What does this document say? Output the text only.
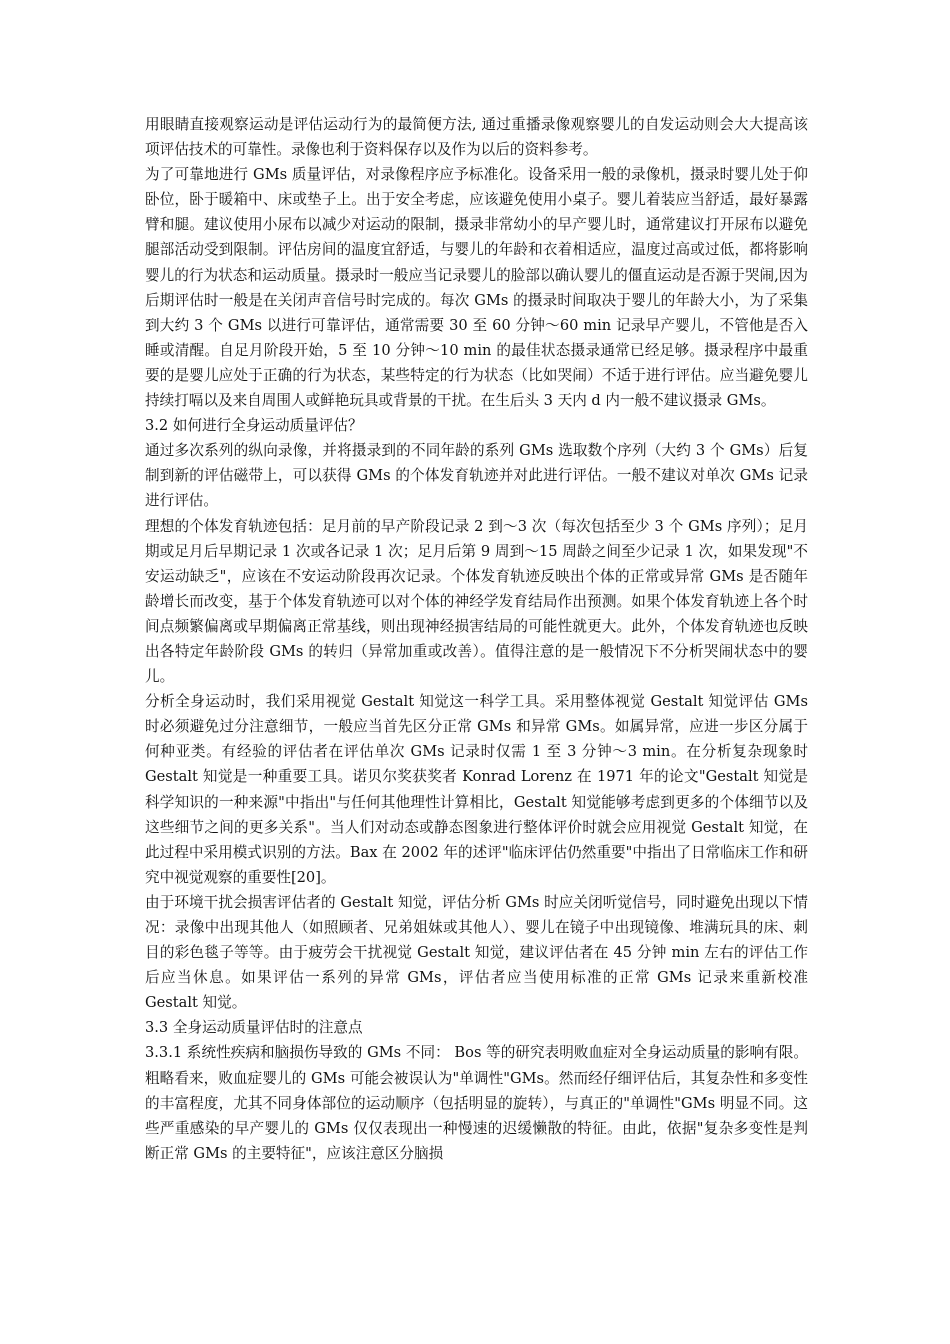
用眼睛直接观察运动是评估运动行为的最简便方法, 通过重播录像观察婴儿的自发运动则会大大提高该项评估技术的可靠性。录像也利于资料保存以及作为以后的资料参考。

为了可靠地进行 GMs 质量评估，对录像程序应予标准化。设备采用一般的录像机，摄录时婴儿处于仰卧位，卧于暖箱中、床或垫子上。出于安全考虑，应该避免使用小桌子。婴儿着装应当舒适，最好暴露臂和腿。建议使用小尿布以减少对运动的限制，摄录非常幼小的早产婴儿时，通常建议打开尿布以避免腿部活动受到限制。评估房间的温度宜舒适，与婴儿的年龄和衣着相适应，温度过高或过低，都将影响婴儿的行为状态和运动质量。摄录时一般应当记录婴儿的脸部以确认婴儿的僵直运动是否源于哭闹,因为后期评估时一般是在关闭声音信号时完成的。每次 GMs 的摄录时间取决于婴儿的年龄大小，为了采集到大约 3 个 GMs 以进行可靠评估，通常需要 30 至 60 分钟～60 min 记录早产婴儿，不管他是否入睡或清醒。自足月阶段开始，5 至 10 分钟～10 min 的最佳状态摄录通常已经足够。摄录程序中最重要的是婴儿应处于正确的行为状态，某些特定的行为状态（比如哭闹）不适于进行评估。应当避免婴儿持续打嗝以及来自周围人或鲜艳玩具或背景的干扰。在生后头 3 天内 d 内一般不建议摄录 GMs。

3.2 如何进行全身运动质量评估？

通过多次系列的纵向录像，并将摄录到的不同年龄的系列 GMs 选取数个序列（大约 3 个 GMs）后复制到新的评估磁带上，可以获得 GMs 的个体发育轨迹并对此进行评估。一般不建议对单次 GMs 记录进行评估。

理想的个体发育轨迹包括：足月前的早产阶段记录 2 到～3 次（每次包括至少 3 个 GMs 序列）；足月期或足月后早期记录 1 次或各记录 1 次；足月后第 9 周到～15 周龄之间至少记录 1 次，如果发现"不安运动缺乏"，应该在不安运动阶段再次记录。个体发育轨迹反映出个体的正常或异常 GMs 是否随年龄增长而改变，基于个体发育轨迹可以对个体的神经学发育结局作出预测。如果个体发育轨迹上各个时间点频繁偏离或早期偏离正常基线，则出现神经损害结局的可能性就更大。此外，个体发育轨迹也反映出各特定年龄阶段 GMs 的转归（异常加重或改善）。值得注意的是一般情况下不分析哭闹状态中的婴儿。

分析全身运动时，我们采用视觉 Gestalt 知觉这一科学工具。采用整体视觉 Gestalt 知觉评估 GMs 时必须避免过分注意细节，一般应当首先区分正常 GMs 和异常 GMs。如属异常，应进一步区分属于何种亚类。有经验的评估者在评估单次 GMs 记录时仅需 1 至 3 分钟～3 min。在分析复杂现象时 Gestalt 知觉是一种重要工具。诺贝尔奖获奖者 Konrad Lorenz 在 1971 年的论文"Gestalt 知觉是科学知识的一种来源"中指出"与任何其他理性计算相比，Gestalt 知觉能够考虑到更多的个体细节以及这些细节之间的更多关系"。当人们对动态或静态图象进行整体评价时就会应用视觉 Gestalt 知觉，在此过程中采用模式识别的方法。Bax 在 2002 年的述评"临床评估仍然重要"中指出了日常临床工作和研究中视觉观察的重要性[20]。

由于环境干扰会损害评估者的 Gestalt 知觉，评估分析 GMs 时应关闭听觉信号，同时避免出现以下情况：录像中出现其他人（如照顾者、兄弟姐妹或其他人）、婴儿在镜子中出现镜像、堆满玩具的床、刺目的彩色毯子等等。由于疲劳会干扰视觉 Gestalt 知觉，建议评估者在 45 分钟 min 左右的评估工作后应当休息。如果评估一系列的异常 GMs，评估者应当使用标准的正常 GMs 记录来重新校准 Gestalt 知觉。

3.3 全身运动质量评估时的注意点

3.3.1 系统性疾病和脑损伤导致的 GMs 不同： Bos 等的研究表明败血症对全身运动质量的影响有限。粗略看来，败血症婴儿的 GMs 可能会被误认为"单调性"GMs。然而经仔细评估后，其复杂性和多变性的丰富程度，尤其不同身体部位的运动顺序（包括明显的旋转），与真正的"单调性"GMs 明显不同。这些严重感染的早产婴儿的 GMs 仅仅表现出一种慢速的迟缓懒散的特征。由此，依据"复杂多变性是判断正常 GMs 的主要特征"，应该注意区分脑损
